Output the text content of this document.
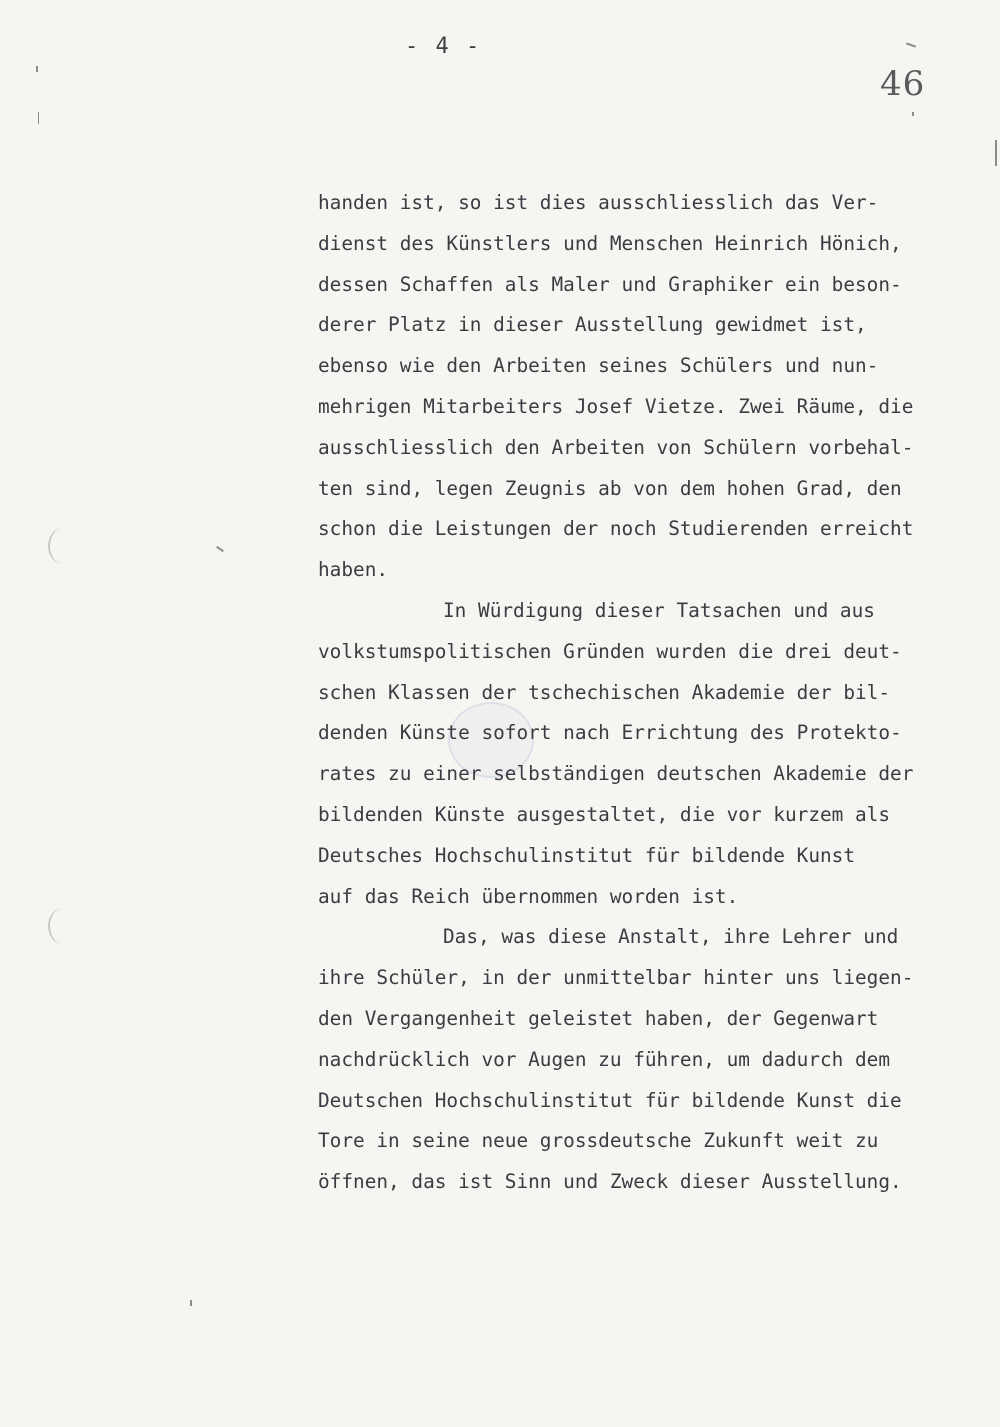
- 4 -
46
handen ist, so ist dies ausschliesslich das Ver-
dienst des Künstlers und Menschen Heinrich Hönich,
dessen Schaffen als Maler und Graphiker ein beson-
derer Platz in dieser Ausstellung gewidmet ist,
ebenso wie den Arbeiten seines Schülers und nun-
mehrigen Mitarbeiters Josef Vietze. Zwei Räume, die
ausschliesslich den Arbeiten von Schülern vorbehal-
ten sind, legen Zeugnis ab von dem hohen Grad, den
schon die Leistungen der noch Studierenden erreicht
haben.
In Würdigung dieser Tatsachen und aus
volkstumspolitischen Gründen wurden die drei deut-
schen Klassen der tschechischen Akademie der bil-
denden Künste sofort nach Errichtung des Protekto-
rates zu einer selbständigen deutschen Akademie der
bildenden Künste ausgestaltet, die vor kurzem als
Deutsches Hochschulinstitut für bildende Kunst
auf das Reich übernommen worden ist.
Das, was diese Anstalt, ihre Lehrer und
ihre Schüler, in der unmittelbar hinter uns liegen-
den Vergangenheit geleistet haben, der Gegenwart
nachdrücklich vor Augen zu führen, um dadurch dem
Deutschen Hochschulinstitut für bildende Kunst die
Tore in seine neue grossdeutsche Zukunft weit zu
öffnen, das ist Sinn und Zweck dieser Ausstellung.
